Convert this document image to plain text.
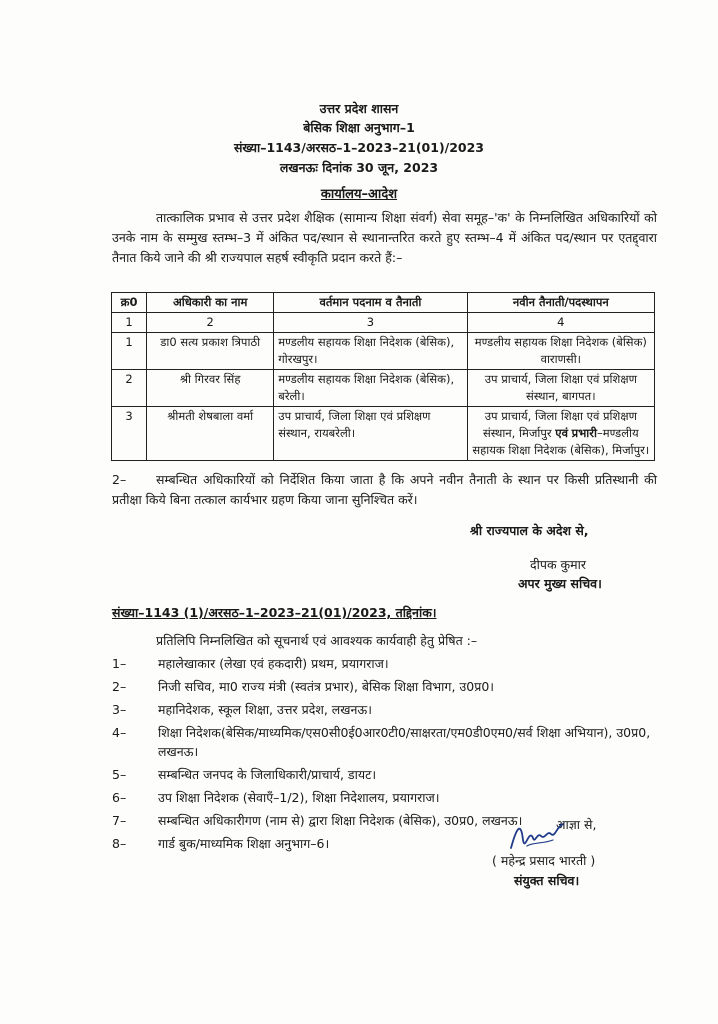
उत्तर प्रदेश शासन
बेसिक शिक्षा अनुभाग–1
संख्या–1143/अरसठ–1–2023–21(01)/2023
लखनऊः दिनांक 30 जून, 2023
कार्यालय–आदेश
तात्कालिक प्रभाव से उत्तर प्रदेश शैक्षिक (सामान्य शिक्षा संवर्ग) सेवा समूह–'क' के निम्नलिखित अधिकारियों को उनके नाम के सम्मुख स्तम्भ–3 में अंकित पद/स्थान से स्थानान्तरित करते हुए स्तम्भ–4 में अंकित पद/स्थान पर एतद्द्वारा तैनात किये जाने की श्री राज्यपाल सहर्ष स्वीकृति प्रदान करते हैं:–
क्र0	अधिकारी का नाम	वर्तमान पदनाम व तैनाती	नवीन तैनाती/पदस्थापन
1	2	3	4
1	डा0 सत्य प्रकाश त्रिपाठी	मण्डलीय सहायक शिक्षा निदेशक (बेसिक), गोरखपुर।	मण्डलीय सहायक शिक्षा निदेशक (बेसिक) वाराणसी।
2	श्री गिरवर सिंह	मण्डलीय सहायक शिक्षा निदेशक (बेसिक), बरेली।	उप प्राचार्य, जिला शिक्षा एवं प्रशिक्षण संस्थान, बागपत।
3	श्रीमती शेषबाला वर्मा	उप प्राचार्य, जिला शिक्षा एवं प्रशिक्षण संस्थान, रायबरेली।	उप प्राचार्य, जिला शिक्षा एवं प्रशिक्षण संस्थान, मिर्जापुर एवं प्रभारी–मण्डलीय सहायक शिक्षा निदेशक (बेसिक), मिर्जापुर।
2– सम्बन्धित अधिकारियों को निर्देशित किया जाता है कि अपने नवीन तैनाती के स्थान पर किसी प्रतिस्थानी की प्रतीक्षा किये बिना तत्काल कार्यभार ग्रहण किया जाना सुनिश्चित करें।
श्री राज्यपाल के अदेश से,
दीपक कुमार
अपर मुख्य सचिव।
संख्या–1143 (1)/अरसठ–1–2023–21(01)/2023, तद्दिनांक।
प्रतिलिपि निम्नलिखित को सूचनार्थ एवं आवश्यक कार्यवाही हेतु प्रेषित :–
1–	महालेखाकार (लेखा एवं हकदारी) प्रथम, प्रयागराज।
2–	निजी सचिव, मा0 राज्य मंत्री (स्वतंत्र प्रभार), बेसिक शिक्षा विभाग, उ0प्र0।
3–	महानिदेशक, स्कूल शिक्षा, उत्तर प्रदेश, लखनऊ।
4–	शिक्षा निदेशक(बेसिक/माध्यमिक/एस0सी0ई0आर0टी0/साक्षरता/एम0डी0एम0/सर्व शिक्षा अभियान), उ0प्र0, लखनऊ।
5–	सम्बन्धित जनपद के जिलाधिकारी/प्राचार्य, डायट।
6–	उप शिक्षा निदेशक (सेवाएँ–1/2), शिक्षा निदेशालय, प्रयागराज।
7–	सम्बन्धित अधिकारीगण (नाम से) द्वारा शिक्षा निदेशक (बेसिक), उ0प्र0, लखनऊ।
8–	गार्ड बुक/माध्यमिक शिक्षा अनुभाग–6।
आज्ञा से,
( महेन्द्र प्रसाद भारती )
संयुक्त सचिव।
